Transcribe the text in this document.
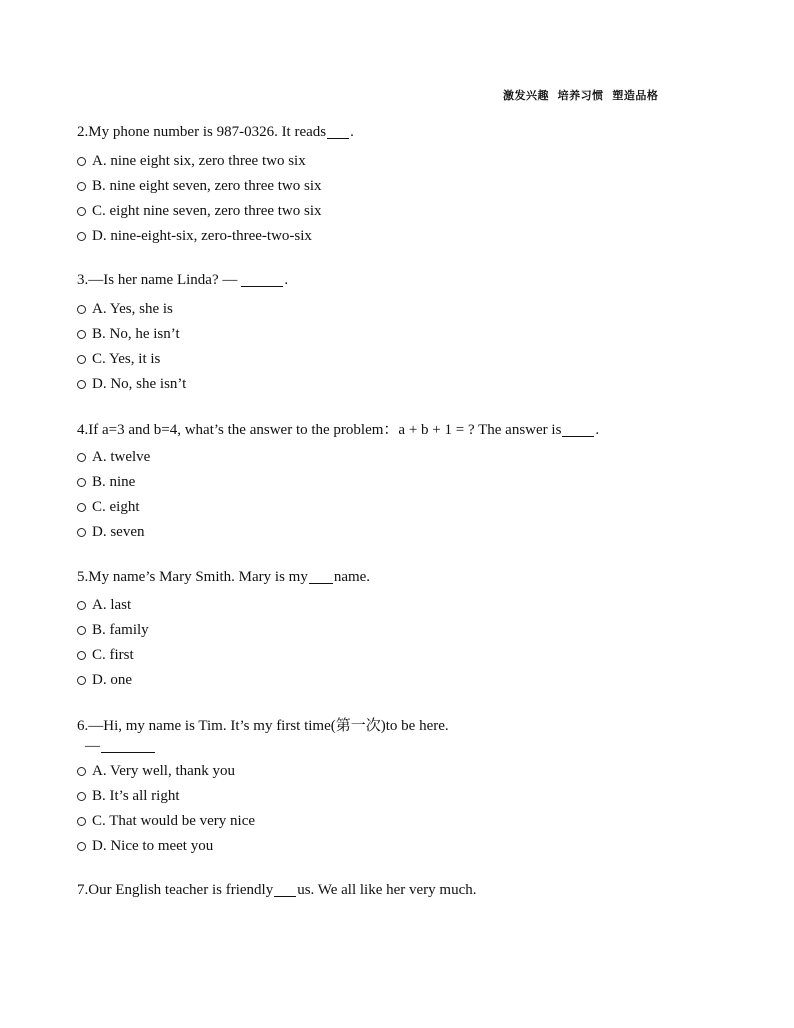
激发兴趣  培养习惯  塑造品格
2.My phone number is 987-0326. It reads .
A. nine eight six, zero three two six
B. nine eight seven, zero three two six
C. eight nine seven, zero three two six
D. nine-eight-six, zero-three-two-six
3.—Is her name Linda? —	.
A. Yes, she is
B. No, he isn’t
C. Yes, it is
D. No, she isn’t
4.If a=3 and b=4, what’s the answer to the problem：a + b + 1 = ? The answer is .
A. twelve
B. nine
C. eight
D. seven
5.My name’s Mary Smith. Mary is my name.
A. last
B. family
C. first
D. one
6.—Hi, my name is Tim. It’s my first time(第一次)to be here.
—
A. Very well, thank you
B. It’s all right
C. That would be very nice
D. Nice to meet you
7.Our English teacher is friendly us. We all like her very much.
